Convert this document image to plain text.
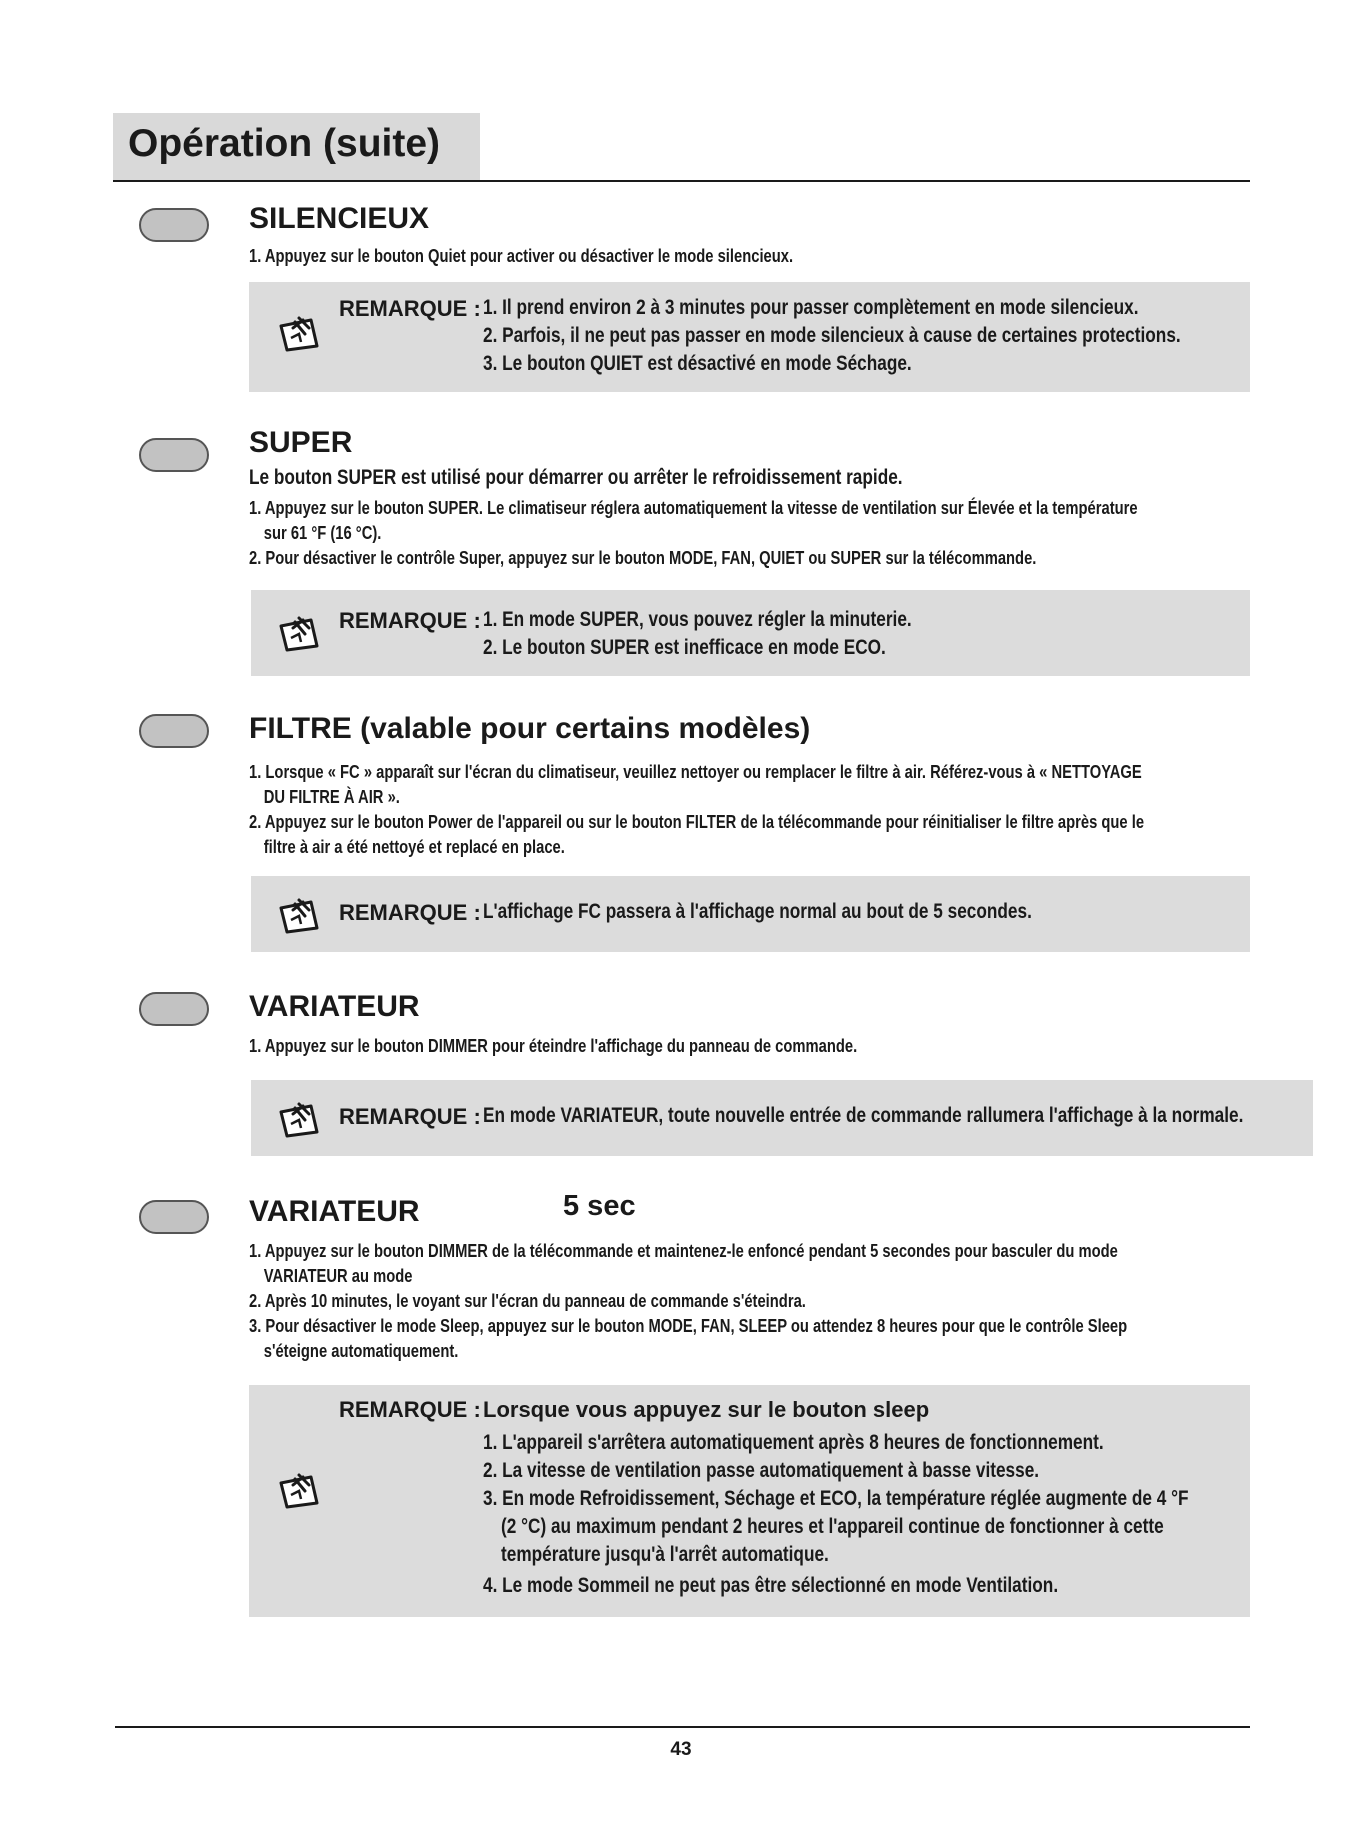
Opération (suite)
SILENCIEUX
1. Appuyez sur le bouton Quiet pour activer ou désactiver le mode silencieux.
REMARQUE : 1. Il prend environ 2 à 3 minutes pour passer complètement en mode silencieux.
2. Parfois, il ne peut pas passer en mode silencieux à cause de certaines protections.
3. Le bouton QUIET est désactivé en mode Séchage.
SUPER
Le bouton SUPER est utilisé pour démarrer ou arrêter le refroidissement rapide.
1. Appuyez sur le bouton SUPER. Le climatiseur réglera automatiquement la vitesse de ventilation sur Élevée et la température
sur 61 °F (16 °C).
2. Pour désactiver le contrôle Super, appuyez sur le bouton MODE, FAN, QUIET ou SUPER sur la télécommande.
REMARQUE : 1. En mode SUPER, vous pouvez régler la minuterie.
2. Le bouton SUPER est inefficace en mode ECO.
FILTRE (valable pour certains modèles)
1. Lorsque « FC » apparaît sur l'écran du climatiseur, veuillez nettoyer ou remplacer le filtre à air. Référez-vous à « NETTOYAGE
DU FILTRE À AIR ».
2. Appuyez sur le bouton Power de l'appareil ou sur le bouton FILTER de la télécommande pour réinitialiser le filtre après que le
filtre à air a été nettoyé et replacé en place.
REMARQUE : L'affichage FC passera à l'affichage normal au bout de 5 secondes.
VARIATEUR
1. Appuyez sur le bouton DIMMER pour éteindre l'affichage du panneau de commande.
REMARQUE : En mode VARIATEUR, toute nouvelle entrée de commande rallumera l'affichage à la normale.
VARIATEUR	5 sec
1. Appuyez sur le bouton DIMMER de la télécommande et maintenez-le enfoncé pendant 5 secondes pour basculer du mode
VARIATEUR au mode
2. Après 10 minutes, le voyant sur l'écran du panneau de commande s'éteindra.
3. Pour désactiver le mode Sleep, appuyez sur le bouton MODE, FAN, SLEEP ou attendez 8 heures pour que le contrôle Sleep
s'éteigne automatiquement.
REMARQUE : Lorsque vous appuyez sur le bouton sleep
1. L'appareil s'arrêtera automatiquement après 8 heures de fonctionnement.
2. La vitesse de ventilation passe automatiquement à basse vitesse.
3. En mode Refroidissement, Séchage et ECO, la température réglée augmente de 4 °F
(2 °C) au maximum pendant 2 heures et l'appareil continue de fonctionner à cette
température jusqu'à l'arrêt automatique.
4. Le mode Sommeil ne peut pas être sélectionné en mode Ventilation.
43
